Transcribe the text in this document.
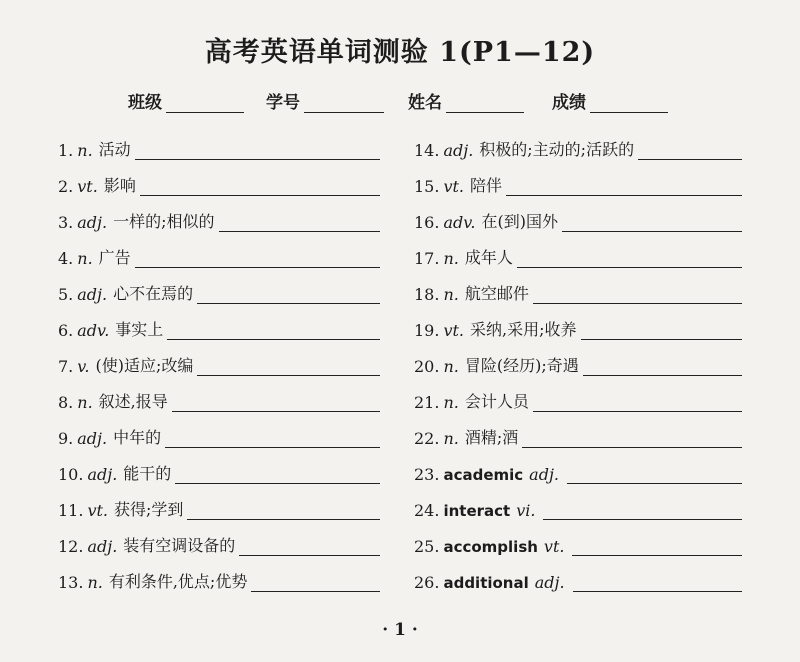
高考英语单词测验 1(P1—12)
班级	学号	姓名	成绩
1. n. 活动
2. vt. 影响
3. adj. 一样的;相似的
4. n. 广告
5. adj. 心不在焉的
6. adv. 事实上
7. v. (使)适应;改编
8. n. 叙述,报导
9. adj. 中年的
10. adj. 能干的
11. vt. 获得;学到
12. adj. 装有空调设备的
13. n. 有利条件,优点;优势
14. adj. 积极的;主动的;活跃的
15. vt. 陪伴
16. adv. 在(到)国外
17. n. 成年人
18. n. 航空邮件
19. vt. 采纳,采用;收养
20. n. 冒险(经历);奇遇
21. n. 会计人员
22. n. 酒精;酒
23. academic adj.
24. interact vi.
25. accomplish vt.
26. additional adj.
· 1 ·
